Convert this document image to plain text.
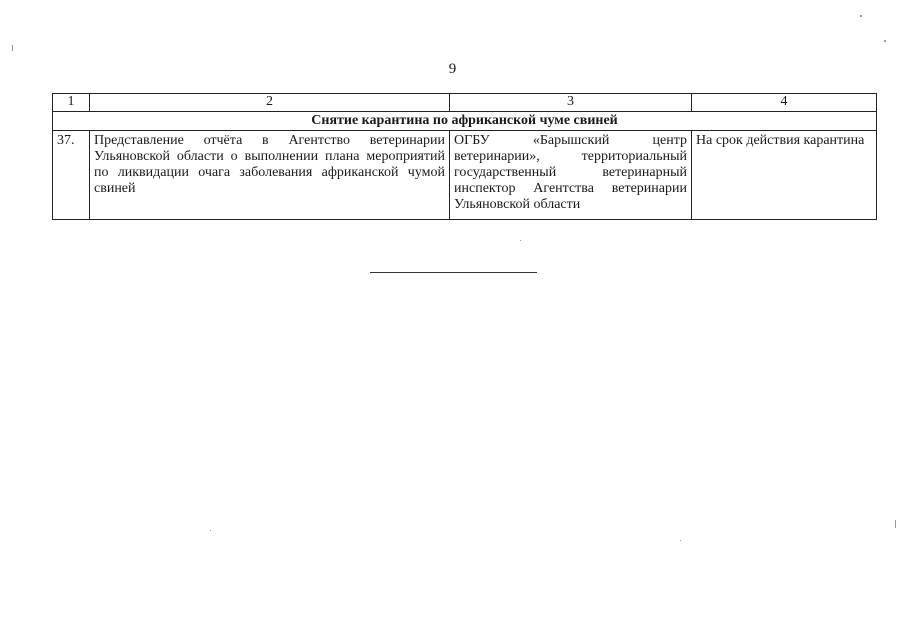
9
1	2	3	4
Снятие карантина по африканской чуме свиней			
37.	Представление отчёта в Агентство ветеринарии Ульяновской области о выполнении плана мероприятий по ликвидации очага заболевания африканской чумой свиней	ОГБУ «Барышский центр ветеринарии», территориальный государственный ветеринарный инспектор Агентства ветеринарии Ульяновской области	На срок действия карантина
